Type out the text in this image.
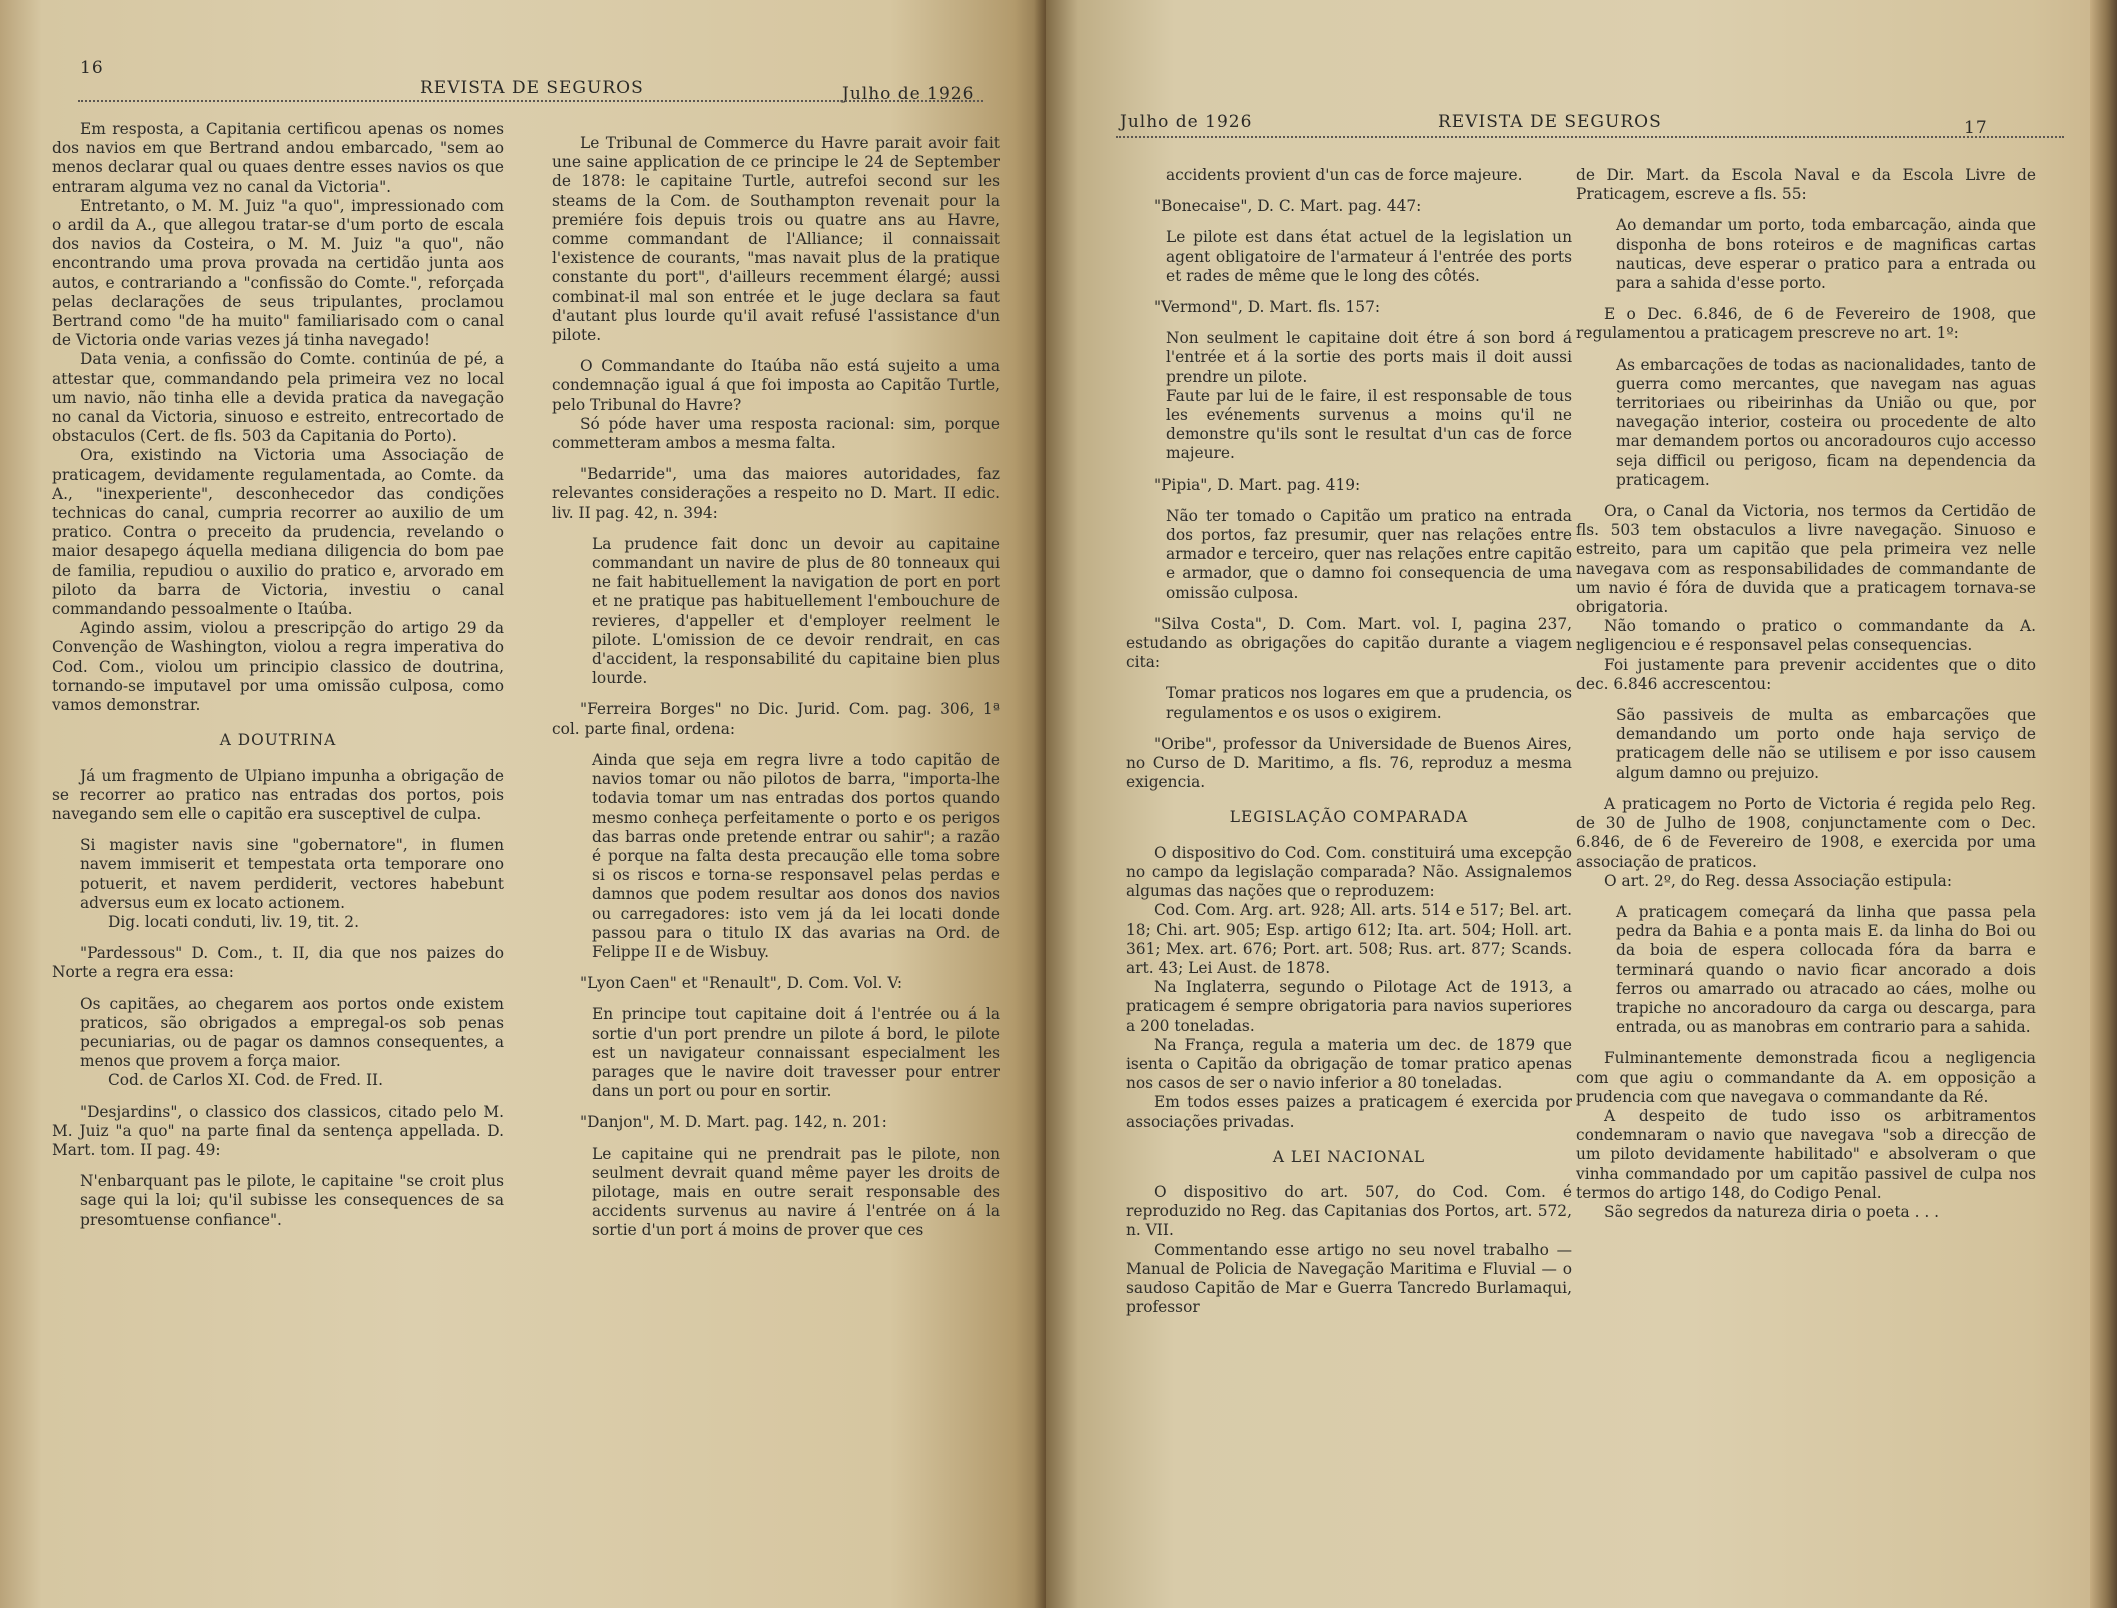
16
REVISTA DE SEGUROS	Julho de 1926

Em resposta, a Capitania certificou apenas os nomes dos navios em que Bertrand andou embarcado, "sem ao menos declarar qual ou quaes dentre esses navios os que entraram alguma vez no canal da Victoria".

Entretanto, o M. M. Juiz "a quo", impressionado com o ardil da A., que allegou tratar-se d'um porto de escala dos navios da Costeira, o M. M. Juiz "a quo", não encontrando uma prova provada na certidão junta aos autos, e contrariando a "confissão do Comte.", reforçada pelas declarações de seus tripulantes, proclamou Bertrand como "de ha muito" familiarisado com o canal de Victoria onde varias vezes já tinha navegado!

Data venia, a confissão do Comte. continúa de pé, a attestar que, commandando pela primeira vez no local um navio, não tinha elle a devida pratica da navegação no canal da Victoria, sinuoso e estreito, entrecortado de obstaculos (Cert. de fls. 503 da Capitania do Porto).

Ora, existindo na Victoria uma Associação de praticagem, devidamente regulamentada, ao Comte. da A., "inexperiente", desconhecedor das condições technicas do canal, cumpria recorrer ao auxilio de um pratico. Contra o preceito da prudencia, revelando o maior desapego áquella mediana diligencia do bom pae de familia, repudiou o auxilio do pratico e, arvorado em piloto da barra de Victoria, investiu o canal commandando pessoalmente o Itaúba.

Agindo assim, violou a prescripção do artigo 29 da Convenção de Washington, violou a regra imperativa do Cod. Com., violou um principio classico de doutrina, tornando-se imputavel por uma omissão culposa, como vamos demonstrar.

A DOUTRINA

Já um fragmento de Ulpiano impunha a obrigação de se recorrer ao pratico nas entradas dos portos, pois navegando sem elle o capitão era susceptivel de culpa.

Si magister navis sine "gobernatore", in flumen navem immiserit et tempestata orta temporare ono potuerit, et navem perdiderit, vectores habebunt adversus eum ex locato actionem.

Dig. locati conduti, liv. 19, tit. 2.

"Pardessous" D. Com., t. II, dia que nos paizes do Norte a regra era essa:

Os capitães, ao chegarem aos portos onde existem praticos, são obrigados a empregal-os sob penas pecuniarias, ou de pagar os damnos consequentes, a menos que provem a força maior.

Cod. de Carlos XI. Cod. de Fred. II.

"Desjardins", o classico dos classicos, citado pelo M. M. Juiz "a quo" na parte final da sentença appellada. D. Mart. tom. II pag. 49:

N'enbarquant pas le pilote, le capitaine "se croit plus sage qui la loi; qu'il subisse les consequences de sa presomtuense confiance".

Le Tribunal de Commerce du Havre parait avoir fait une saine application de ce principe le 24 de September de 1878: le capitaine Turtle, autrefoi second sur les steams de la Com. de Southampton revenait pour la premiére fois depuis trois ou quatre ans au Havre, comme commandant de l'Alliance; il connaissait l'existence de courants, "mas navait plus de la pratique constante du port", d'ailleurs recemment élargé; aussi combinat-il mal son entrée et le juge declara sa faut d'autant plus lourde qu'il avait refusé l'assistance d'un pilote.

O Commandante do Itaúba não está sujeito a uma condemnação igual á que foi imposta ao Capitão Turtle, pelo Tribunal do Havre?

Só póde haver uma resposta racional: sim, porque commetteram ambos a mesma falta.

"Bedarride", uma das maiores autoridades, faz relevantes considerações a respeito no D. Mart. II edic. liv. II pag. 42, n. 394:

La prudence fait donc un devoir au capitaine commandant un navire de plus de 80 tonneaux qui ne fait habituellement la navigation de port en port et ne pratique pas habituellement l'embouchure de revieres, d'appeller et d'employer reelment le pilote. L'omission de ce devoir rendrait, en cas d'accident, la responsabilité du capitaine bien plus lourde.

"Ferreira Borges" no Dic. Jurid. Com. pag. 306, 1ª col. parte final, ordena:

Ainda que seja em regra livre a todo capitão de navios tomar ou não pilotos de barra, "importa-lhe todavia tomar um nas entradas dos portos quando mesmo conheça perfeitamente o porto e os perigos das barras onde pretende entrar ou sahir"; a razão é porque na falta desta precaução elle toma sobre si os riscos e torna-se responsavel pelas perdas e damnos que podem resultar aos donos dos navios ou carregadores: isto vem já da lei locati donde passou para o titulo IX das avarias na Ord. de Felippe II e de Wisbuy.

"Lyon Caen" et "Renault", D. Com. Vol. V:

En principe tout capitaine doit á l'entrée ou á la sortie d'un port prendre un pilote á bord, le pilote est un navigateur connaissant especialment les parages que le navire doit travesser pour entrer dans un port ou pour en sortir.

"Danjon", M. D. Mart. pag. 142, n. 201:

Le capitaine qui ne prendrait pas le pilote, non seulment devrait quand même payer les droits de pilotage, mais en outre serait responsable des accidents survenus au navire á l'entrée on á la sortie d'un port á moins de prover que ces

Julho de 1926	REVISTA DE SEGUROS	17

accidents provient d'un cas de force majeure.

"Bonecaise", D. C. Mart. pag. 447:

Le pilote est dans état actuel de la legislation un agent obligatoire de l'armateur á l'entrée des ports et rades de même que le long des côtés.

"Vermond", D. Mart. fls. 157:

Non seulment le capitaine doit étre á son bord á l'entrée et á la sortie des ports mais il doit aussi prendre un pilote.

Faute par lui de le faire, il est responsable de tous les evénements survenus a moins qu'il ne demonstre qu'ils sont le resultat d'un cas de force majeure.

"Pipia", D. Mart. pag. 419:

Não ter tomado o Capitão um pratico na entrada dos portos, faz presumir, quer nas relações entre armador e terceiro, quer nas relações entre capitão e armador, que o damno foi consequencia de uma omissão culposa.

"Silva Costa", D. Com. Mart. vol. I, pagina 237, estudando as obrigações do capitão durante a viagem cita:

Tomar praticos nos logares em que a prudencia, os regulamentos e os usos o exigirem.

"Oribe", professor da Universidade de Buenos Aires, no Curso de D. Maritimo, a fls. 76, reproduz a mesma exigencia.

LEGISLAÇÃO COMPARADA

O dispositivo do Cod. Com. constituirá uma excepção no campo da legislação comparada? Não. Assignalemos algumas das nações que o reproduzem:

Cod. Com. Arg. art. 928; All. arts. 514 e 517; Bel. art. 18; Chi. art. 905; Esp. artigo 612; Ita. art. 504; Holl. art. 361; Mex. art. 676; Port. art. 508; Rus. art. 877; Scands. art. 43; Lei Aust. de 1878.

Na Inglaterra, segundo o Pilotage Act de 1913, a praticagem é sempre obrigatoria para navios superiores a 200 toneladas.

Na França, regula a materia um dec. de 1879 que isenta o Capitão da obrigação de tomar pratico apenas nos casos de ser o navio inferior a 80 toneladas.

Em todos esses paizes a praticagem é exercida por associações privadas.

A LEI NACIONAL

O dispositivo do art. 507, do Cod. Com. é reproduzido no Reg. das Capitanias dos Portos, art. 572, n. VII.

Commentando esse artigo no seu novel trabalho — Manual de Policia de Navegação Maritima e Fluvial — o saudoso Capitão de Mar e Guerra Tancredo Burlamaqui, professor

de Dir. Mart. da Escola Naval e da Escola Livre de Praticagem, escreve a fls. 55:

Ao demandar um porto, toda embarcação, ainda que disponha de bons roteiros e de magnificas cartas nauticas, deve esperar o pratico para a entrada ou para a sahida d'esse porto.

E o Dec. 6.846, de 6 de Fevereiro de 1908, que regulamentou a praticagem prescreve no art. 1º:

As embarcações de todas as nacionalidades, tanto de guerra como mercantes, que navegam nas aguas territoriaes ou ribeirinhas da União ou que, por navegação interior, costeira ou procedente de alto mar demandem portos ou ancoradouros cujo accesso seja difficil ou perigoso, ficam na dependencia da praticagem.

Ora, o Canal da Victoria, nos termos da Certidão de fls. 503 tem obstaculos a livre navegação. Sinuoso e estreito, para um capitão que pela primeira vez nelle navegava com as responsabilidades de commandante de um navio é fóra de duvida que a praticagem tornava-se obrigatoria.

Não tomando o pratico o commandante da A. negligenciou e é responsavel pelas consequencias.

Foi justamente para prevenir accidentes que o dito dec. 6.846 accrescentou:

São passiveis de multa as embarcações que demandando um porto onde haja serviço de praticagem delle não se utilisem e por isso causem algum damno ou prejuizo.

A praticagem no Porto de Victoria é regida pelo Reg. de 30 de Julho de 1908, conjunctamente com o Dec. 6.846, de 6 de Fevereiro de 1908, e exercida por uma associação de praticos.

O art. 2º, do Reg. dessa Associação estipula:

A praticagem começará da linha que passa pela pedra da Bahia e a ponta mais E. da linha do Boi ou da boia de espera collocada fóra da barra e terminará quando o navio ficar ancorado a dois ferros ou amarrado ou atracado ao cáes, molhe ou trapiche no ancoradouro da carga ou descarga, para entrada, ou as manobras em contrario para a sahida.

Fulminantemente demonstrada ficou a negligencia com que agiu o commandante da A. em opposição a prudencia com que navegava o commandante da Ré.

A despeito de tudo isso os arbitramentos condemnaram o navio que navegava "sob a direcção de um piloto devidamente habilitado" e absolveram o que vinha commandado por um capitão passivel de culpa nos termos do artigo 148, do Codigo Penal.

São segredos da natureza diria o poeta . . .
